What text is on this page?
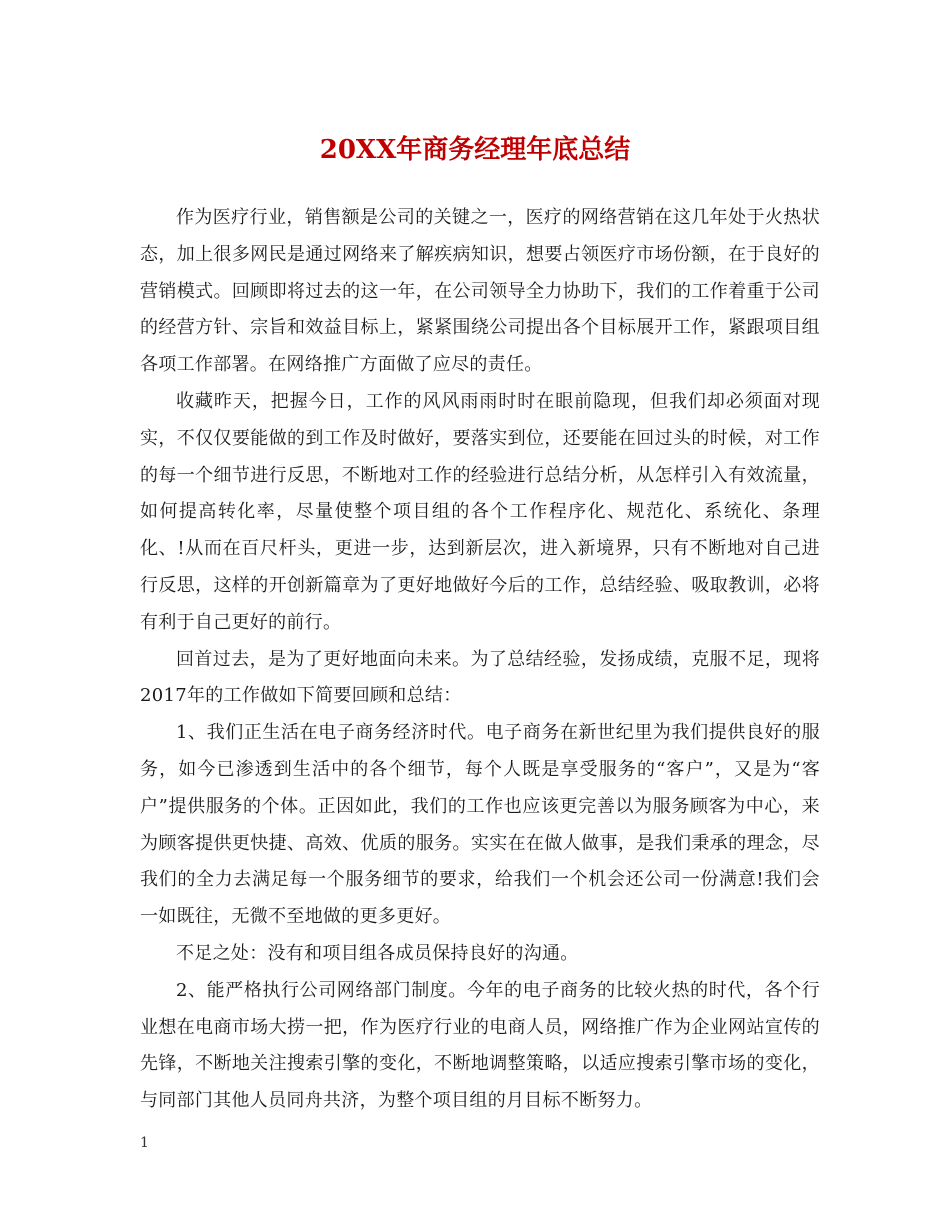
20XX年商务经理年底总结

作为医疗行业，销售额是公司的关键之一，医疗的网络营销在这几年处于火热状态，加上很多网民是通过网络来了解疾病知识，想要占领医疗市场份额，在于良好的营销模式。回顾即将过去的这一年，在公司领导全力协助下，我们的工作着重于公司的经营方针、宗旨和效益目标上，紧紧围绕公司提出各个目标展开工作，紧跟项目组各项工作部署。在网络推广方面做了应尽的责任。

收藏昨天，把握今日，工作的风风雨雨时时在眼前隐现，但我们却必须面对现实，不仅仅要能做的到工作及时做好，要落实到位，还要能在回过头的时候，对工作的每一个细节进行反思，不断地对工作的经验进行总结分析，从怎样引入有效流量，如何提高转化率，尽量使整个项目组的各个工作程序化、规范化、系统化、条理化、!从而在百尺杆头，更进一步，达到新层次，进入新境界，只有不断地对自己进行反思，这样的开创新篇章为了更好地做好今后的工作，总结经验、吸取教训，必将有利于自己更好的前行。

回首过去，是为了更好地面向未来。为了总结经验，发扬成绩，克服不足，现将2017年的工作做如下简要回顾和总结：

1、我们正生活在电子商务经济时代。电子商务在新世纪里为我们提供良好的服务，如今已渗透到生活中的各个细节，每个人既是享受服务的“客户”，又是为“客户”提供服务的个体。正因如此，我们的工作也应该更完善以为服务顾客为中心，来为顾客提供更快捷、高效、优质的服务。实实在在做人做事，是我们秉承的理念，尽我们的全力去满足每一个服务细节的要求，给我们一个机会还公司一份满意!我们会一如既往，无微不至地做的更多更好。

不足之处：没有和项目组各成员保持良好的沟通。

2、能严格执行公司网络部门制度。今年的电子商务的比较火热的时代，各个行业想在电商市场大捞一把，作为医疗行业的电商人员，网络推广作为企业网站宣传的先锋，不断地关注搜索引擎的变化，不断地调整策略，以适应搜索引擎市场的变化，与同部门其他人员同舟共济，为整个项目组的月目标不断努力。

1
